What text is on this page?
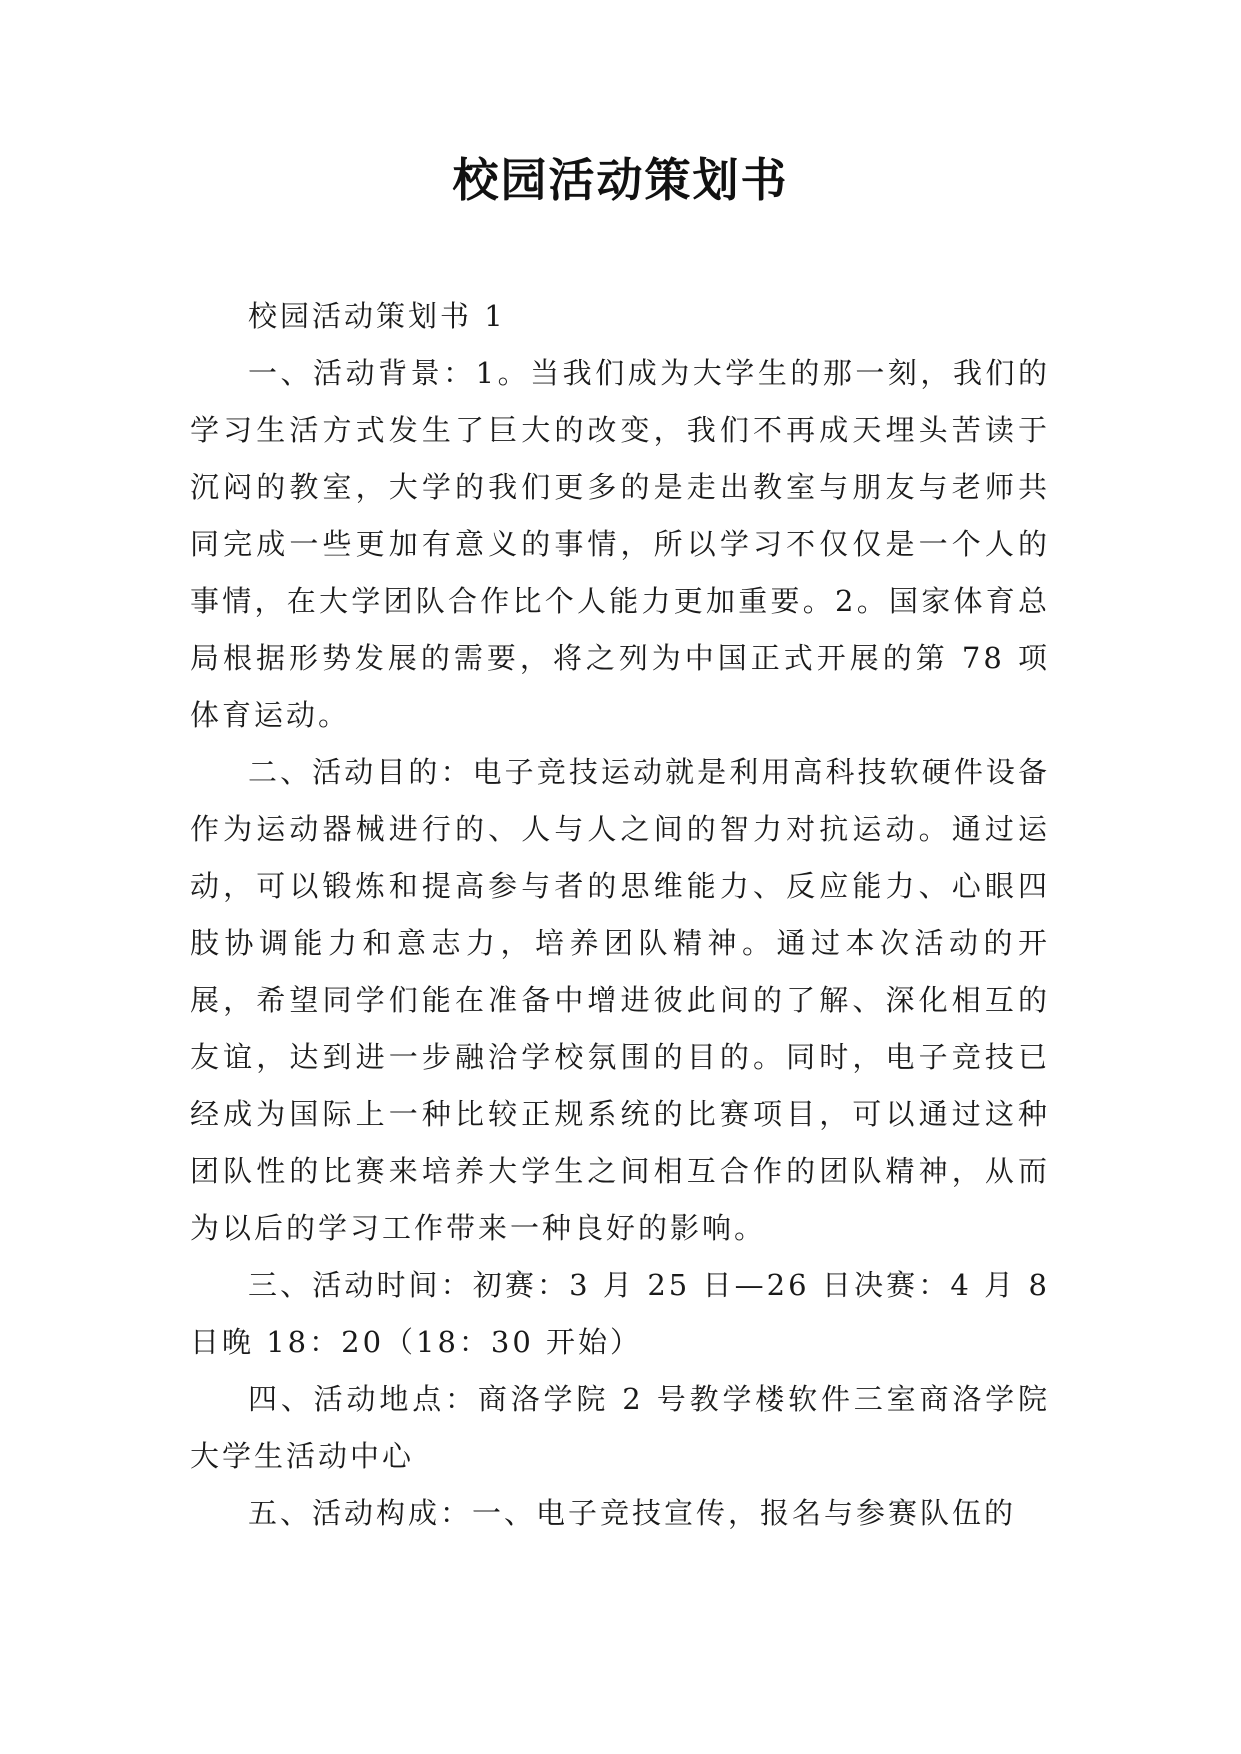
校园活动策划书

校园活动策划书 1

一、活动背景：1。当我们成为大学生的那一刻，我们的学习生活方式发生了巨大的改变，我们不再成天埋头苦读于沉闷的教室，大学的我们更多的是走出教室与朋友与老师共同完成一些更加有意义的事情，所以学习不仅仅是一个人的事情，在大学团队合作比个人能力更加重要。2。国家体育总局根据形势发展的需要，将之列为中国正式开展的第 78 项体育运动。

二、活动目的：电子竞技运动就是利用高科技软硬件设备作为运动器械进行的、人与人之间的智力对抗运动。通过运动，可以锻炼和提高参与者的思维能力、反应能力、心眼四肢协调能力和意志力，培养团队精神。通过本次活动的开展，希望同学们能在准备中增进彼此间的了解、深化相互的友谊，达到进一步融洽学校氛围的目的。同时，电子竞技已经成为国际上一种比较正规系统的比赛项目，可以通过这种团队性的比赛来培养大学生之间相互合作的团队精神，从而为以后的学习工作带来一种良好的影响。

三、活动时间：初赛：3 月 25 日—26 日决赛：4 月 8 日晚 18：20（18：30 开始）

四、活动地点：商洛学院 2 号教学楼软件三室商洛学院大学生活动中心

五、活动构成：一、电子竞技宣传，报名与参赛队伍的
